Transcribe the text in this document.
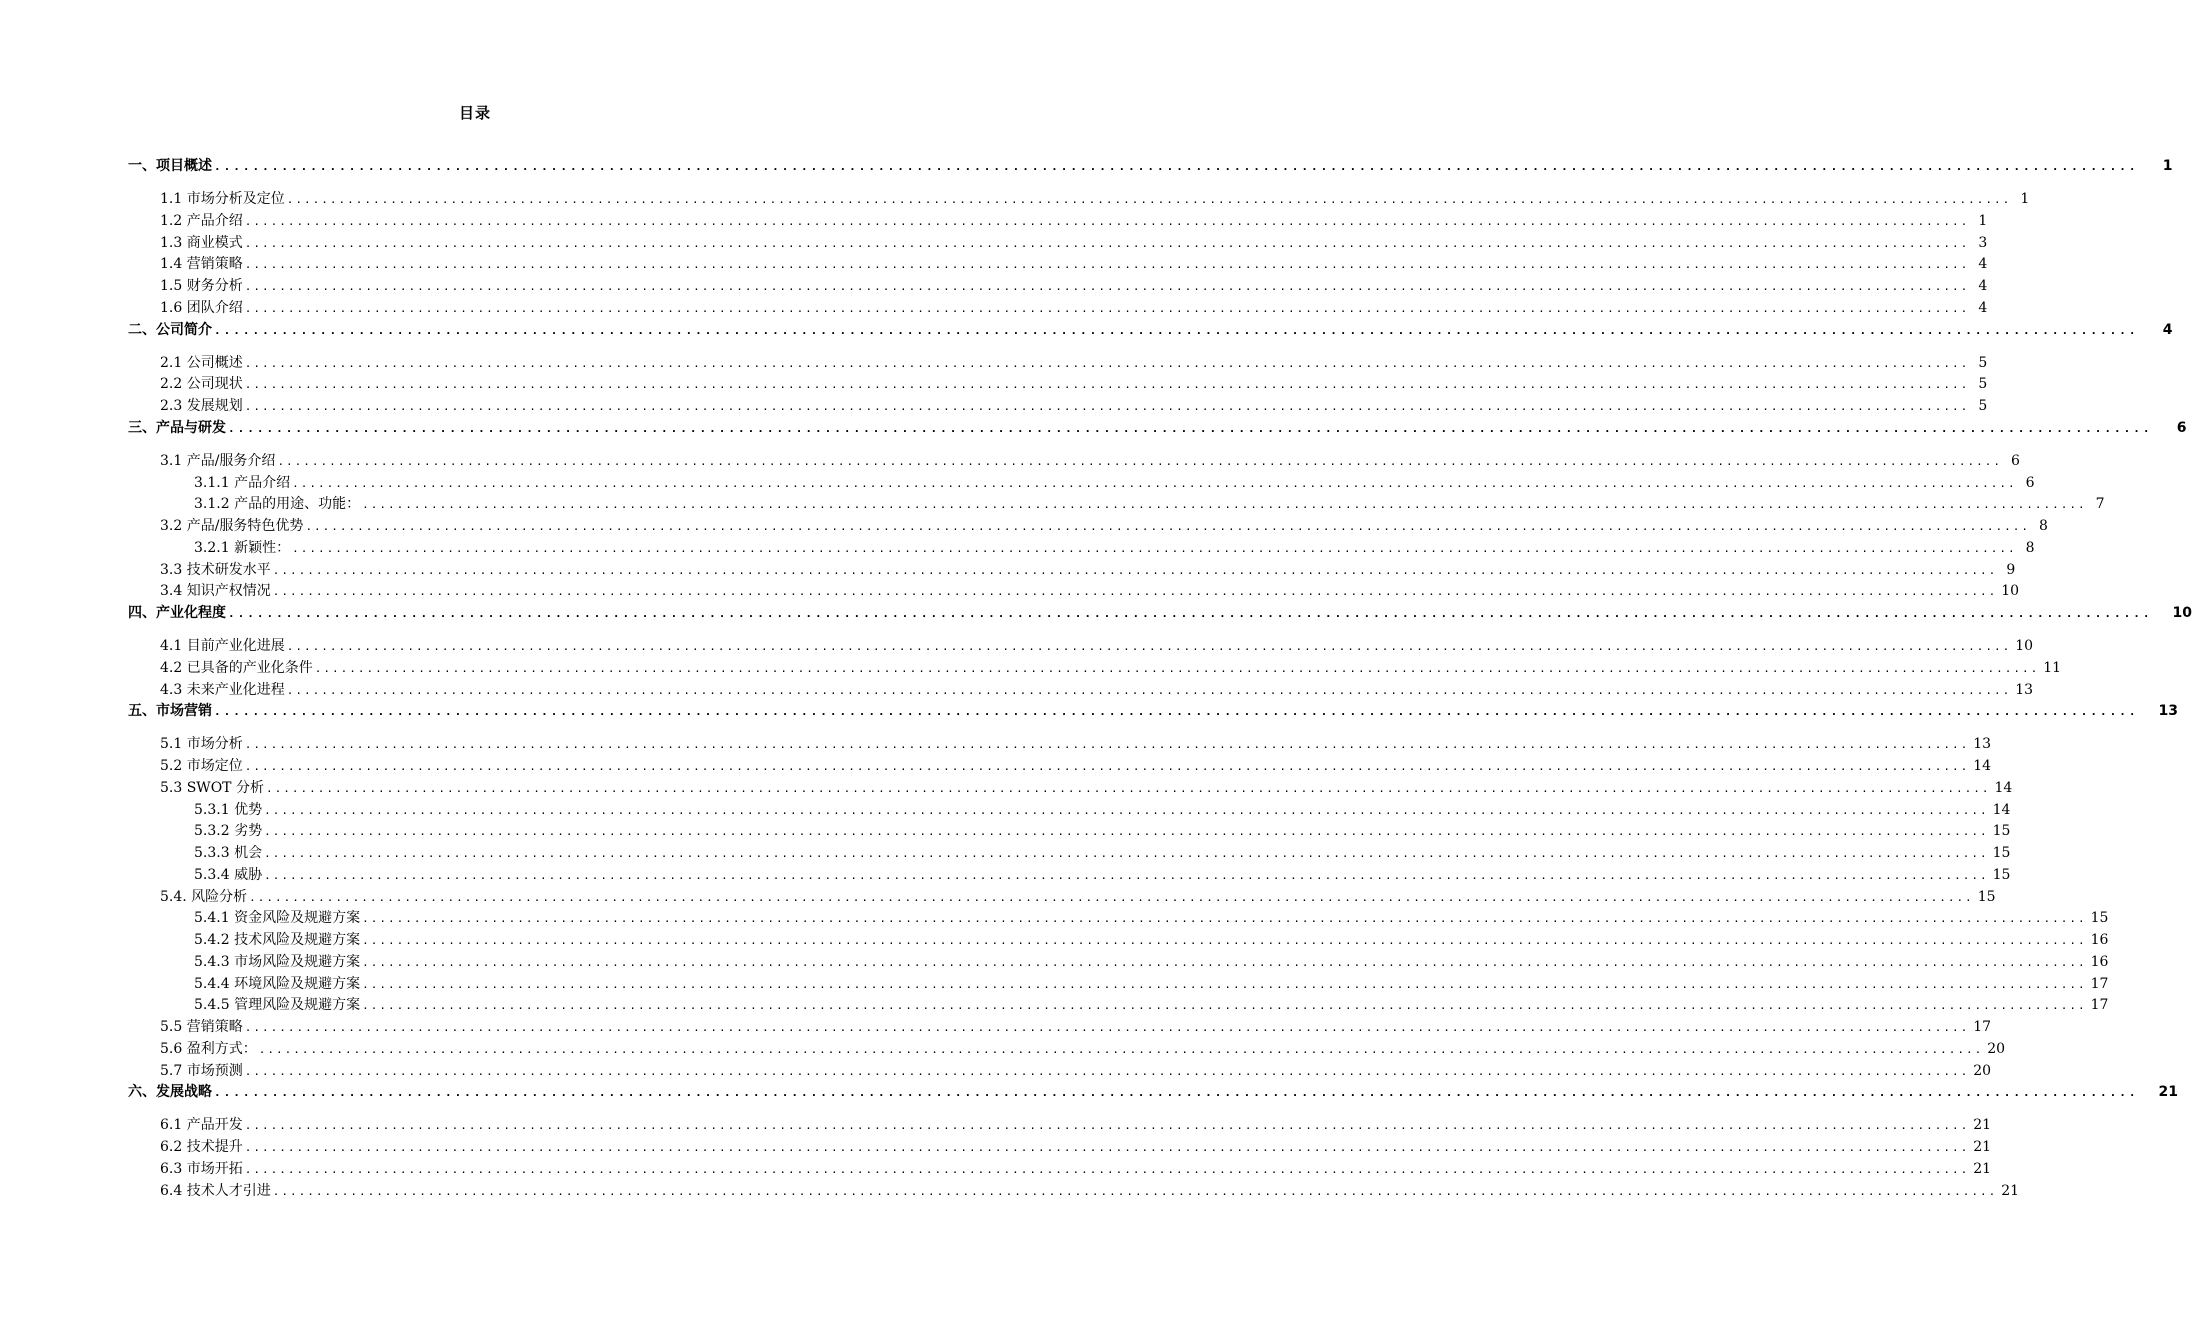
目录
一、 项目概述 ........................................................................................................................................................................................................	1
1.1 市场分析及定位 ........................................................................................................................................................................................................ 1
1.2 产品介绍 ........................................................................................................................................................................................................ 1
1.3 商业模式 ........................................................................................................................................................................................................ 3
1.4 营销策略 ........................................................................................................................................................................................................ 4
1.5 财务分析 ........................................................................................................................................................................................................ 4
1.6 团队介绍 ........................................................................................................................................................................................................ 4
二、 公司简介 ........................................................................................................................................................................................................	4
2.1 公司概述 ........................................................................................................................................................................................................ 5
2.2 公司现状 ........................................................................................................................................................................................................ 5
2.3 发展规划 ........................................................................................................................................................................................................ 5
三、 产品与研发 ........................................................................................................................................................................................................	6
3.1 产品/服务介绍 ........................................................................................................................................................................................................ 6
3.1.1 产品介绍 ........................................................................................................................................................................................................ 6
3.1.2 产品的用途、功能： ........................................................................................................................................................................................................ 7
3.2 产品/服务特色优势 ........................................................................................................................................................................................................ 8
3.2.1 新颖性： ........................................................................................................................................................................................................ 8
3.3 技术研发水平 ........................................................................................................................................................................................................ 9
3.4 知识产权情况 ........................................................................................................................................................................................................ 10
四、 产业化程度 ........................................................................................................................................................................................................ 10
4.1 目前产业化进展 ........................................................................................................................................................................................................ 10
4.2 已具备的产业化条件 ........................................................................................................................................................................................................ 11
4.3 未来产业化进程 ........................................................................................................................................................................................................ 13
五、 市场营销 ........................................................................................................................................................................................................ 13
5.1 市场分析 ........................................................................................................................................................................................................ 13
5.2 市场定位 ........................................................................................................................................................................................................ 14
5.3 SWOT 分析 ........................................................................................................................................................................................................ 14
5.3.1 优势 ........................................................................................................................................................................................................ 14
5.3.2 劣势 ........................................................................................................................................................................................................ 15
5.3.3 机会 ........................................................................................................................................................................................................ 15
5.3.4 威胁 ........................................................................................................................................................................................................ 15
5.4. 风险分析 ........................................................................................................................................................................................................ 15
5.4.1 资金风险及规避方案 ........................................................................................................................................................................................................ 15
5.4.2 技术风险及规避方案 ........................................................................................................................................................................................................ 16
5.4.3 市场风险及规避方案 ........................................................................................................................................................................................................ 16
5.4.4 环境风险及规避方案 ........................................................................................................................................................................................................ 17
5.4.5 管理风险及规避方案 ........................................................................................................................................................................................................ 17
5.5 营销策略 ........................................................................................................................................................................................................ 17
5.6 盈利方式： ........................................................................................................................................................................................................ 20
5.7 市场预测 ........................................................................................................................................................................................................ 20
六、 发展战略 ........................................................................................................................................................................................................ 21
6.1 产品开发 ........................................................................................................................................................................................................ 21
6.2 技术提升 ........................................................................................................................................................................................................ 21
6.3 市场开拓 ........................................................................................................................................................................................................ 21
6.4 技术人才引进 ........................................................................................................................................................................................................ 21
